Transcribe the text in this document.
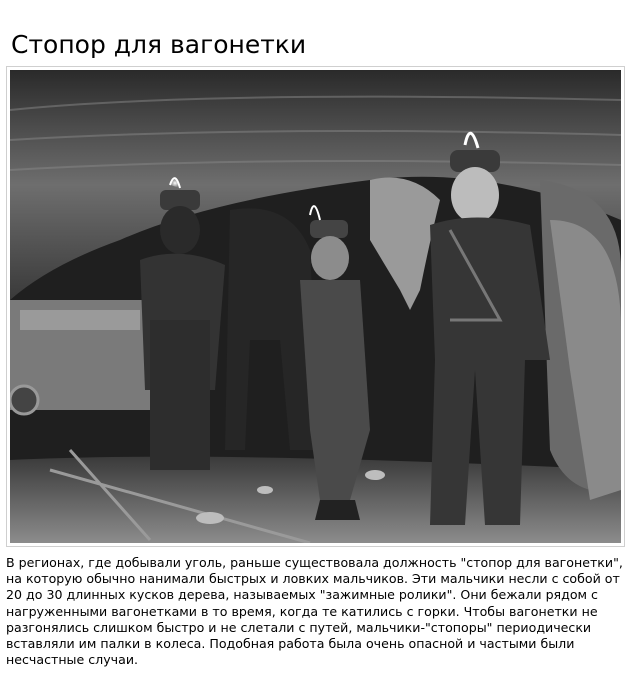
Стопор для вагонетки
В регионах, где добывали уголь, раньше существовала должность "стопор для вагонетки", на которую обычно нанимали быстрых и ловких мальчиков. Эти мальчики несли с собой от 20 до 30 длинных кусков дерева, называемых "зажимные ролики". Они бежали рядом с нагруженными вагонетками в то время, когда те катились с горки. Чтобы вагонетки не разгонялись слишком быстро и не слетали с путей, мальчики-"стопоры" периодически вставляли им палки в колеса. Подобная работа была очень опасной и частыми были несчастные случаи.
